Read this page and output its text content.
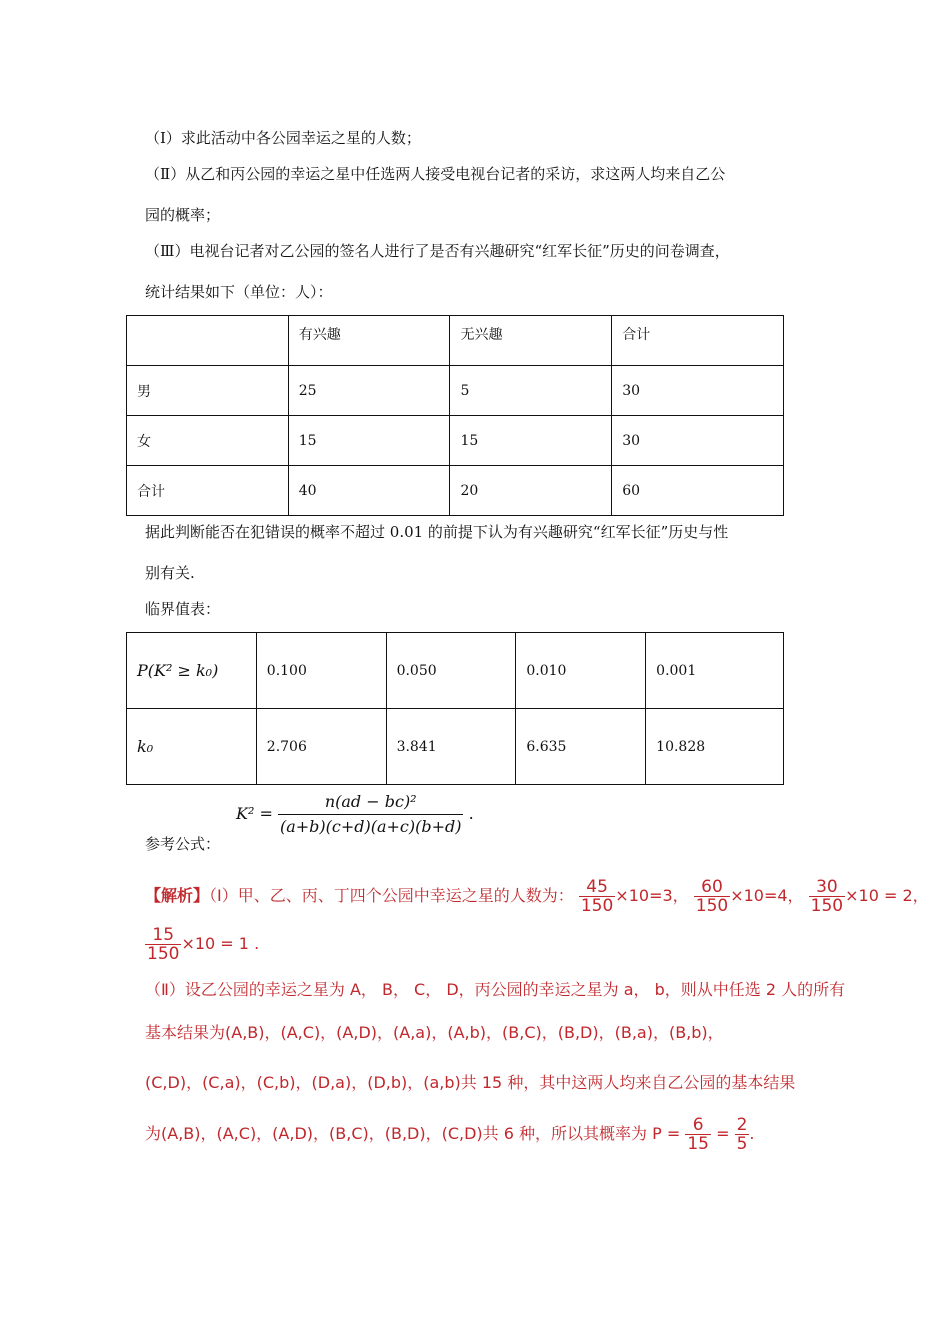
（Ⅰ）求此活动中各公园幸运之星的人数；
（Ⅱ）从乙和丙公园的幸运之星中任选两人接受电视台记者的采访，求这两人均来自乙公
园的概率；
（Ⅲ）电视台记者对乙公园的签名人进行了是否有兴趣研究“红军长征”历史的问卷调查，
统计结果如下（单位：人）：
	有兴趣	无兴趣	合计
男	25	5	30
女	15	15	30
合计	40	20	60
据此判断能否在犯错误的概率不超过 0.01 的前提下认为有兴趣研究“红军长征”历史与性
别有关.
临界值表：
P(K² ≥ k₀)	0.100	0.050	0.010	0.001
k₀	2.706	3.841	6.635	10.828
参考公式：
$K^2 = \frac{\text{n(ad − bc)²}}{(a+b)(c+d)(a+c)(b+d)}$ .
【解析】（Ⅰ）甲、乙、丙、丁四个公园中幸运之星的人数为： $\frac{45}{150} \times 10=3$， $\frac{60}{150} \times 10=4$， $\frac{30}{150} \times 10 = 2$，
$\frac{15}{150} \times 10 = 1$ .
（Ⅱ）设乙公园的幸运之星为 A， B， C， D，丙公园的幸运之星为 a， b，则从中任选 2 人的所有
基本结果为(A,B)，(A,C)，(A,D)，(A,a)，(A,b)，(B,C)，(B,D)，(B,a)，(B,b)，
(C,D)，(C,a)，(C,b)，(D,a)，(D,b)，(a,b)共 15 种，其中这两人均来自乙公园的基本结果
为(A,B)，(A,C)，(A,D)，(B,C)，(B,D)，(C,D)共 6 种，所以其概率为 $P = \frac{6}{15} = \frac{2}{5}$ .
